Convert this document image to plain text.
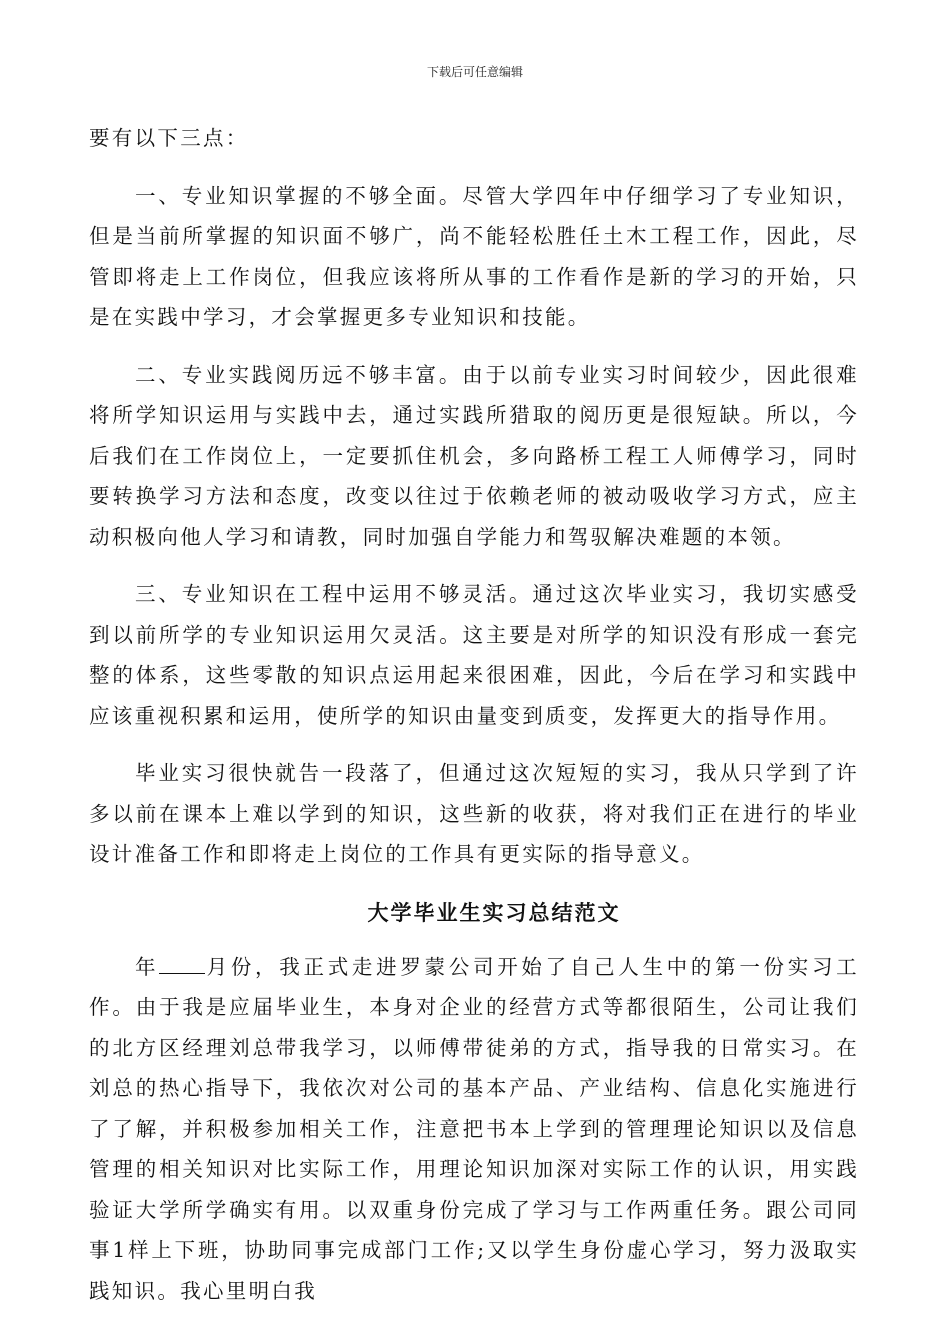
下载后可任意编辑

要有以下三点：

一、专业知识掌握的不够全面。尽管大学四年中仔细学习了专业知识，但是当前所掌握的知识面不够广，尚不能轻松胜任土木工程工作，因此，尽管即将走上工作岗位，但我应该将所从事的工作看作是新的学习的开始，只是在实践中学习，才会掌握更多专业知识和技能。

二、专业实践阅历远不够丰富。由于以前专业实习时间较少，因此很难将所学知识运用与实践中去，通过实践所猎取的阅历更是很短缺。所以，今后我们在工作岗位上，一定要抓住机会，多向路桥工程工人师傅学习，同时要转换学习方法和态度，改变以往过于依赖老师的被动吸收学习方式，应主动积极向他人学习和请教，同时加强自学能力和驾驭解决难题的本领。

三、专业知识在工程中运用不够灵活。通过这次毕业实习，我切实感受到以前所学的专业知识运用欠灵活。这主要是对所学的知识没有形成一套完整的体系，这些零散的知识点运用起来很困难，因此，今后在学习和实践中应该重视积累和运用，使所学的知识由量变到质变，发挥更大的指导作用。

毕业实习很快就告一段落了，但通过这次短短的实习，我从只学到了许多以前在课本上难以学到的知识，这些新的收获，将对我们正在进行的毕业设计准备工作和即将走上岗位的工作具有更实际的指导意义。

大学毕业生实习总结范文

年 月份，我正式走进罗蒙公司开始了自己人生中的第一份实习工作。由于我是应届毕业生，本身对企业的经营方式等都很陌生，公司让我们的北方区经理刘总带我学习，以师傅带徒弟的方式，指导我的日常实习。在刘总的热心指导下，我依次对公司的基本产品、产业结构、信息化实施进行了了解，并积极参加相关工作，注意把书本上学到的管理理论知识以及信息管理的相关知识对比实际工作，用理论知识加深对实际工作的认识，用实践验证大学所学确实有用。以双重身份完成了学习与工作两重任务。跟公司同事1样上下班，协助同事完成部门工作;又以学生身份虚心学习，努力汲取实践知识。我心里明白我
